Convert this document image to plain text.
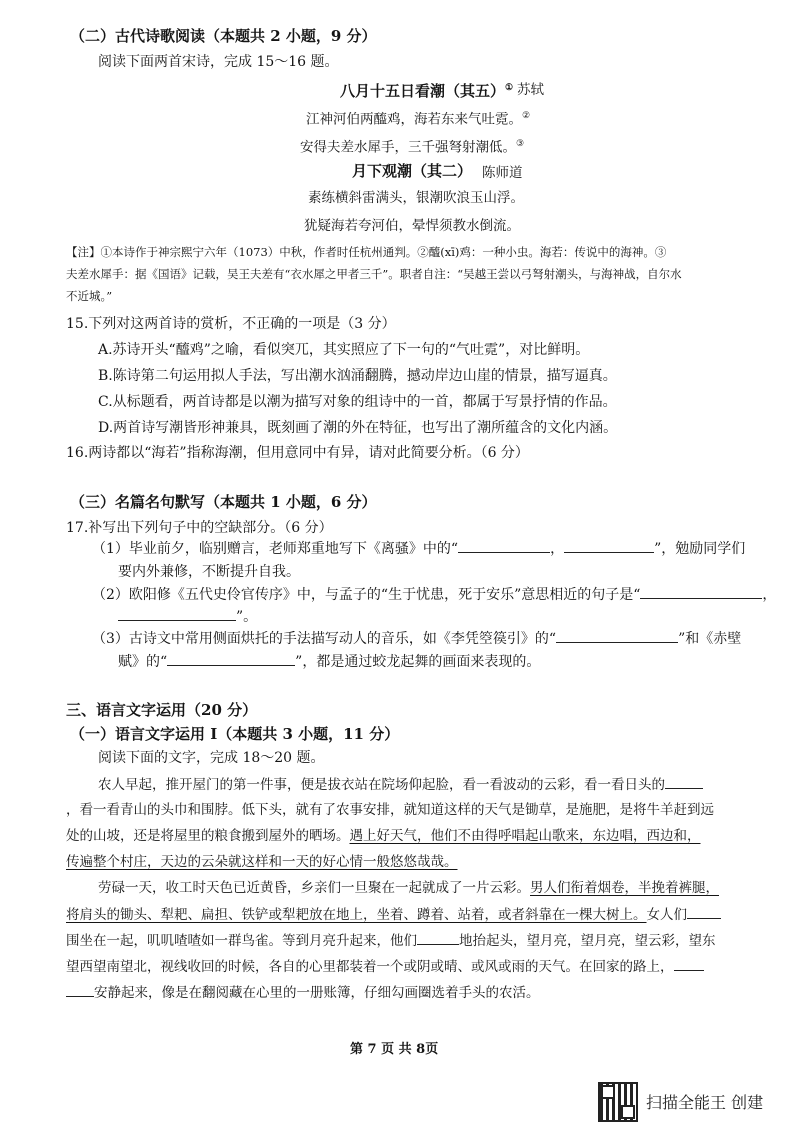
（二）古代诗歌阅读（本题共 2 小题，9 分）
阅读下面两首宋诗，完成 15～16 题。
八月十五日看潮（其五）① 苏轼
江神河伯两醯鸡，海若东来气吐霓。②
安得夫差水犀手，三千强弩射潮低。③
月下观潮（其二） 陈师道
素练横斜雷满头，银潮吹浪玉山浮。
犹疑海若夸河伯，晕悍须教水倒流。
【注】①本诗作于神宗熙宁六年（1073）中秋，作者时任杭州通判。②醯(xī)鸡：一种小虫。海若：传说中的海神。③
夫差水犀手：据《国语》记载，吴王夫差有“衣水犀之甲者三千”。职者自注：“吴越王尝以弓弩射潮头，与海神战，自尔水
不近城。”
15.下列对这两首诗的赏析，不正确的一项是（3 分）
A.苏诗开头“醯鸡”之喻，看似突兀，其实照应了下一句的“气吐霓”，对比鲜明。
B.陈诗第二句运用拟人手法，写出潮水汹涌翻腾，撼动岸边山崖的情景，描写逼真。
C.从标题看，两首诗都是以潮为描写对象的组诗中的一首，都属于写景抒情的作品。
D.两首诗写潮皆形神兼具，既刻画了潮的外在特征，也写出了潮所蕴含的文化内涵。
16.两诗都以“海若”指称海潮，但用意同中有异，请对此简要分析。（6 分）
（三）名篇名句默写（本题共 1 小题，6 分）
17.补写出下列句子中的空缺部分。（6 分）
（1）毕业前夕，临别赠言，老师郑重地写下《离骚》中的“	，	”，勉励同学们
要内外兼修，不断提升自我。
（2）欧阳修《五代史伶官传序》中，与孟子的“生于忧患，死于安乐”意思相近的句子是“	，
”。
（3）古诗文中常用侧面烘托的手法描写动人的音乐，如《李凭箜篌引》的“	”和《赤壁
赋》的“	”，都是通过蛟龙起舞的画面来表现的。
三、语言文字运用（20 分）
（一）语言文字运用 Ⅰ（本题共 3 小题，11 分）
阅读下面的文字，完成 18～20 题。
农人早起，推开屋门的第一件事，便是拔衣站在院场仰起脸，看一看波动的云彩，看一看日头的
，看一看青山的头巾和围脖。低下头，就有了农事安排，就知道这样的天气是锄草，是施肥，是将牛羊赶到远
处的山坡，还是将屋里的粮食搬到屋外的晒场。遇上好天气，他们不由得呼唱起山歌来，东边唱，西边和，
传遍整个村庄，天边的云朵就这样和一天的好心情一般悠悠哉哉。
劳碌一天，收工时天色已近黄昏，乡亲们一旦聚在一起就成了一片云彩。男人们衔着烟卷，半挽着裤腿，
将肩头的锄头、犁耙、扁担、铁铲或犁耙放在地上，坐着、蹲着、站着，或者斜靠在一棵大树上。女人们
围坐在一起，叽叽喳喳如一群鸟雀。等到月亮升起来，他们	地抬起头，望月亮，望月亮，望云彩，望东
望西望南望北，视线收回的时候，各自的心里都装着一个或阴或晴、或风或雨的天气。在回家的路上，
安静起来，像是在翻阅藏在心里的一册账簿，仔细勾画圈选着手头的农活。
第 7 页 共 8页
扫描全能王 创建
